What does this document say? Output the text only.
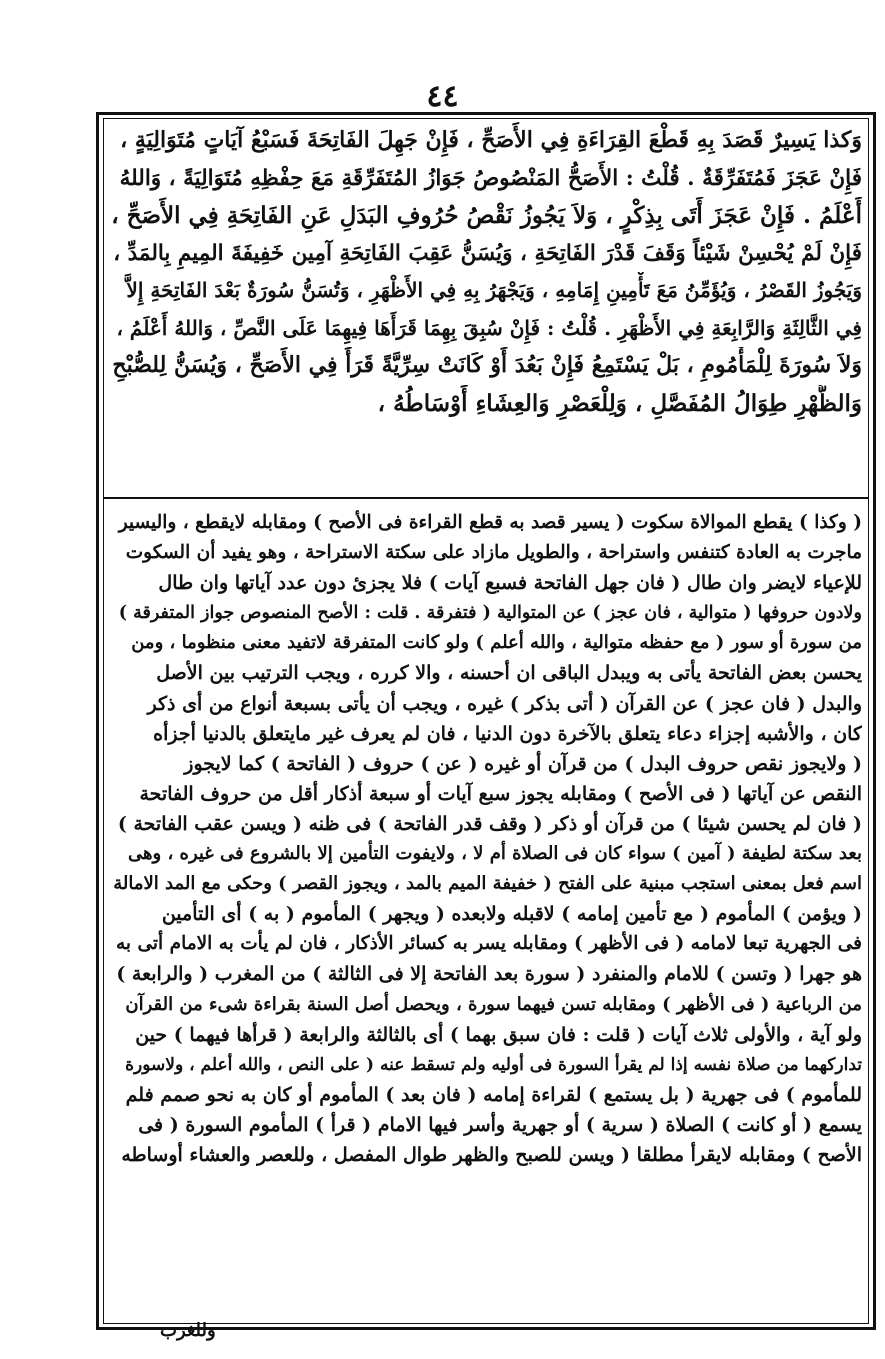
٤٤
وَكذا يَسِيرٌ قَصَدَ بِهِ قَطْعَ القِرَاءَةِ فِي الأَصَحِّ ، فَإِنْ جَهِلَ الفَاتِحَةَ فَسَبْعُ آيَاتٍ مُتَوَالِيَةٍ ،
فَإِنْ عَجَزَ فَمُتَفَرِّقَةٌ . قُلْتُ : الأَصَحُّ المَنْصُوصُ جَوَازُ المُتَفَرِّقَةِ مَعَ حِفْظِهِ مُتَوَالِيَةً ، وَاللهُ
أَعْلَمُ . فَإِنْ عَجَزَ أَتَى بِذِكْرٍ ، وَلاَ يَجُوزُ نَقْصُ حُرُوفِ البَدَلِ عَنِ الفَاتِحَةِ فِي الأَصَحِّ ،
فَإِنْ لَمْ يُحْسِنْ شَيْئاً وَقَفَ قَدْرَ الفَاتِحَةِ ، وَيُسَنُّ عَقِبَ الفَاتِحَةِ آمِين خَفِيفَةَ المِيمِ بِالمَدِّ ،
وَيَجُوزُ القَصْرُ ، وَيُؤَمِّنُ مَعَ تَأْمِينِ إِمَامِهِ ، وَيَجْهَرُ بِهِ فِي الأَظْهَرِ ، وَتُسَنُّ سُورَةٌ بَعْدَ الفَاتِحَةِ إِلاَّ
فِي الثَّالِثَةِ وَالرَّابِعَةِ فِي الأَظْهَرِ . قُلْتُ : فَإِنْ سُبِقَ بِهِمَا قَرَأَهَا فِيهِمَا عَلَى النَّصِّ ، وَاللهُ أَعْلَمُ ،
وَلاَ سُورَةَ لِلْمَأْمُومِ ، بَلْ يَسْتَمِعُ فَإِنْ بَعُدَ أَوْ كَانَتْ سِرِّيَّةً قَرَأَ فِي الأَصَحِّ ، وَيُسَنُّ لِلصُّبْحِ
وَالظُّهْرِ طِوَالُ المُفَصَّلِ ، وَلِلْعَصْرِ وَالعِشَاءِ أَوْسَاطُهُ ،
( وكذا ) يقطع الموالاة سكوت ( يسير قصد به قطع القراءة فى الأصح ) ومقابله لايقطع ، واليسير
ماجرت به العادة كتنفس واستراحة ، والطويل مازاد على سكتة الاستراحة ، وهو يفيد أن السكوت
للإعياء لايضر وان طال ( فان جهل الفاتحة فسبع آيات ) فلا يجزئ دون عدد آياتها وان طال
ولادون حروفها ( متوالية ، فان عجز ) عن المتوالية ( فتفرقة . قلت : الأصح المنصوص جواز المتفرقة )
من سورة أو سور ( مع حفظه متوالية ، والله أعلم ) ولو كانت المتفرقة لاتفيد معنى منظوما ، ومن
يحسن بعض الفاتحة يأتى به ويبدل الباقى ان أحسنه ، والا كرره ، ويجب الترتيب بين الأصل
والبدل ( فان عجز ) عن القرآن ( أتى بذكر ) غيره ، ويجب أن يأتى بسبعة أنواع من أى ذكر
كان ، والأشبه إجزاء دعاء يتعلق بالآخرة دون الدنيا ، فان لم يعرف غير مايتعلق بالدنيا أجزأه
( ولايجوز نقص حروف البدل ) من قرآن أو غيره ( عن ) حروف ( الفاتحة ) كما لايجوز
النقص عن آياتها ( فى الأصح ) ومقابله يجوز سبع آيات أو سبعة أذكار أقل من حروف الفاتحة
( فان لم يحسن شيئا ) من قرآن أو ذكر ( وقف قدر الفاتحة ) فى ظنه ( ويسن عقب الفاتحة )
بعد سكتة لطيفة ( آمين ) سواء كان فى الصلاة أم لا ، ولايفوت التأمين إلا بالشروع فى غيره ، وهى
اسم فعل بمعنى استجب مبنية على الفتح ( خفيفة الميم بالمد ، ويجوز القصر ) وحكى مع المد الامالة
( ويؤمن ) المأموم ( مع تأمين إمامه ) لاقبله ولابعده ( ويجهر ) المأموم ( به ) أى التأمين
فى الجهرية تبعا لامامه ( فى الأظهر ) ومقابله يسر به كسائر الأذكار ، فان لم يأت به الامام أتى به
هو جهرا ( وتسن ) للامام والمنفرد ( سورة بعد الفاتحة إلا فى الثالثة ) من المغرب ( والرابعة )
من الرباعية ( فى الأظهر ) ومقابله تسن فيهما سورة ، ويحصل أصل السنة بقراءة شىء من القرآن
ولو آية ، والأولى ثلاث آيات ( قلت : فان سبق بهما ) أى بالثالثة والرابعة ( قرأها فيهما ) حين
تداركهما من صلاة نفسه إذا لم يقرأ السورة فى أوليه ولم تسقط عنه ( على النص ، والله أعلم ، ولاسورة
للمأموم ) فى جهرية ( بل يستمع ) لقراءة إمامه ( فان بعد ) المأموم أو كان به نحو صمم فلم
يسمع ( أو كانت ) الصلاة ( سرية ) أو جهرية وأسر فيها الامام ( قرأ ) المأموم السورة ( فى
الأصح ) ومقابله لايقرأ مطلقا ( ويسن للصبح والظهر طوال المفصل ، وللعصر والعشاء أوساطه
وللغرب
